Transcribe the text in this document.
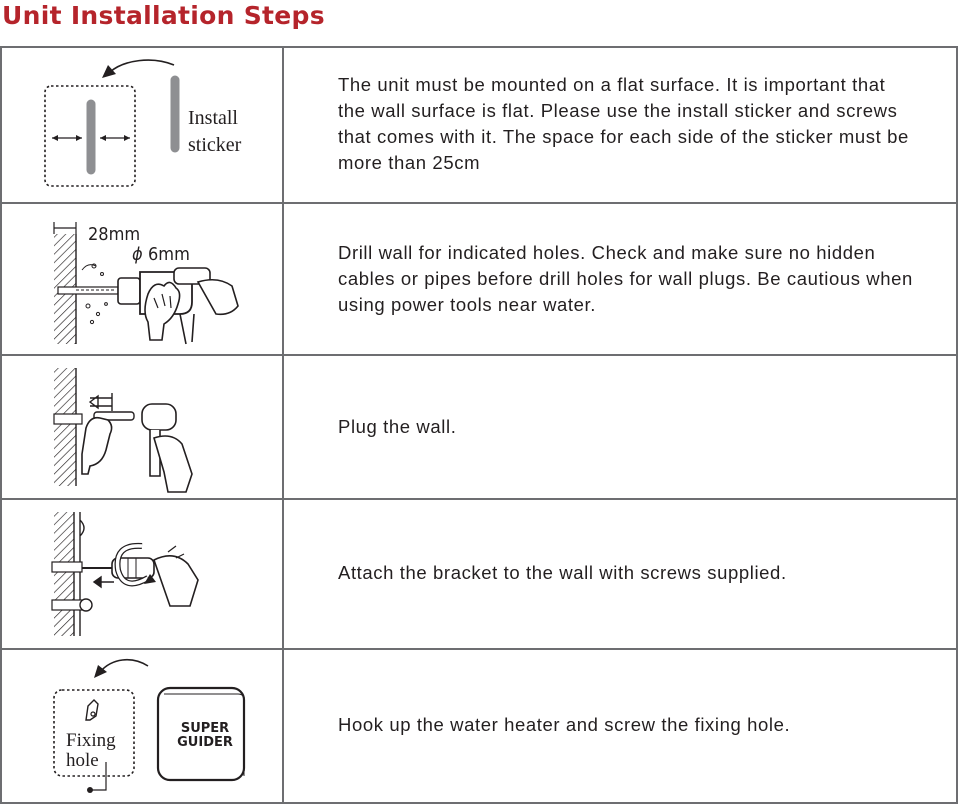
Unit Installation Steps
Install
sticker
The unit must be mounted on a flat surface. It is important that the wall surface is flat. Please use the install sticker and screws that comes with it. The space for each side of the sticker must be more than 25cm
28mm
ϕ 6mm	Drill wall for indicated holes. Check and make sure no hidden cables or pipes before drill holes for wall plugs. Be cautious when using power tools near water.
Plug the wall.
Attach the bracket to the wall with screws supplied.
Fixing
hole
SUPER
GUIDER
Hook up the water heater and screw the fixing hole.
